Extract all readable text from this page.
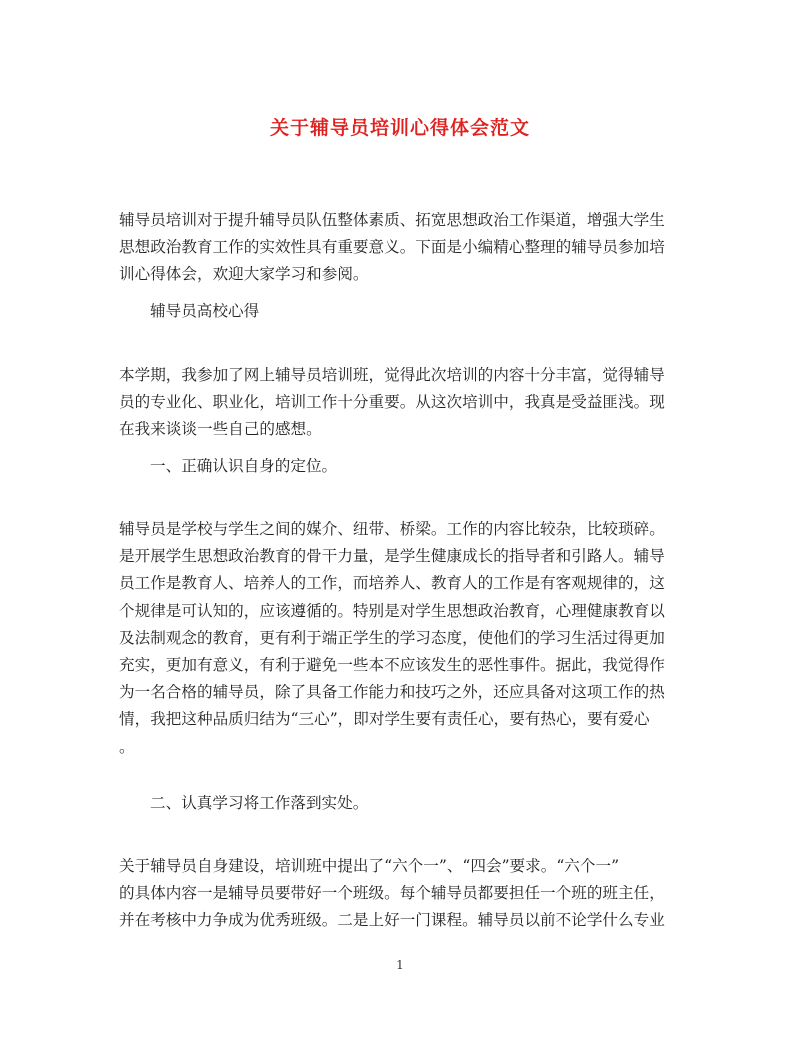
关于辅导员培训心得体会范文

辅导员培训对于提升辅导员队伍整体素质、拓宽思想政治工作渠道，增强大学生
思想政治教育工作的实效性具有重要意义。下面是小编精心整理的辅导员参加培
训心得体会，欢迎大家学习和参阅。

辅导员高校心得

本学期，我参加了网上辅导员培训班，觉得此次培训的内容十分丰富，觉得辅导
员的专业化、职业化，培训工作十分重要。从这次培训中，我真是受益匪浅。现
在我来谈谈一些自己的感想。

一、正确认识自身的定位。

辅导员是学校与学生之间的媒介、纽带、桥梁。工作的内容比较杂，比较琐碎。
是开展学生思想政治教育的骨干力量，是学生健康成长的指导者和引路人。辅导
员工作是教育人、培养人的工作，而培养人、教育人的工作是有客观规律的，这
个规律是可认知的，应该遵循的。特别是对学生思想政治教育，心理健康教育以
及法制观念的教育，更有利于端正学生的学习态度，使他们的学习生活过得更加
充实，更加有意义，有利于避免一些本不应该发生的恶性事件。据此，我觉得作
为一名合格的辅导员，除了具备工作能力和技巧之外，还应具备对这项工作的热
情，我把这种品质归结为“三心”，即对学生要有责任心，要有热心，要有爱心
。

二、认真学习将工作落到实处。

关于辅导员自身建设，培训班中提出了“六个一”、“四会”要求。“六个一”
的具体内容一是辅导员要带好一个班级。每个辅导员都要担任一个班的班主任，
并在考核中力争成为优秀班级。二是上好一门课程。辅导员以前不论学什么专业

1
